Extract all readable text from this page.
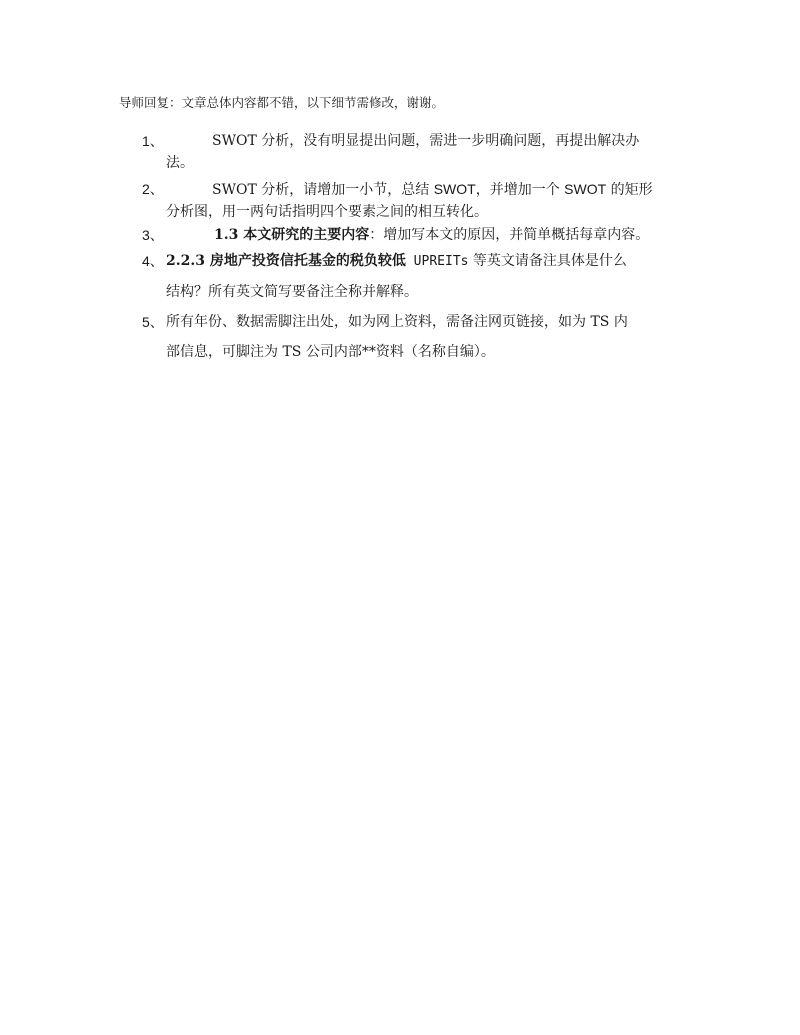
导师回复：文章总体内容都不错，以下细节需修改，谢谢。
1、	SWOT 分析，没有明显提出问题，需进一步明确问题，再提出解决办
法。
2、	SWOT 分析，请增加一小节，总结 SWOT，并增加一个 SWOT 的矩形
分析图，用一两句话指明四个要素之间的相互转化。
3、	1.3 本文研究的主要内容：增加写本文的原因，并简单概括每章内容。
4、 2.2.3 房地产投资信托基金的税负较低 UPREITs 等英文请备注具体是什么
结构？所有英文简写要备注全称并解释。
5、 所有年份、数据需脚注出处，如为网上资料，需备注网页链接，如为 TS 内
部信息，可脚注为 TS 公司内部**资料（名称自编）。
